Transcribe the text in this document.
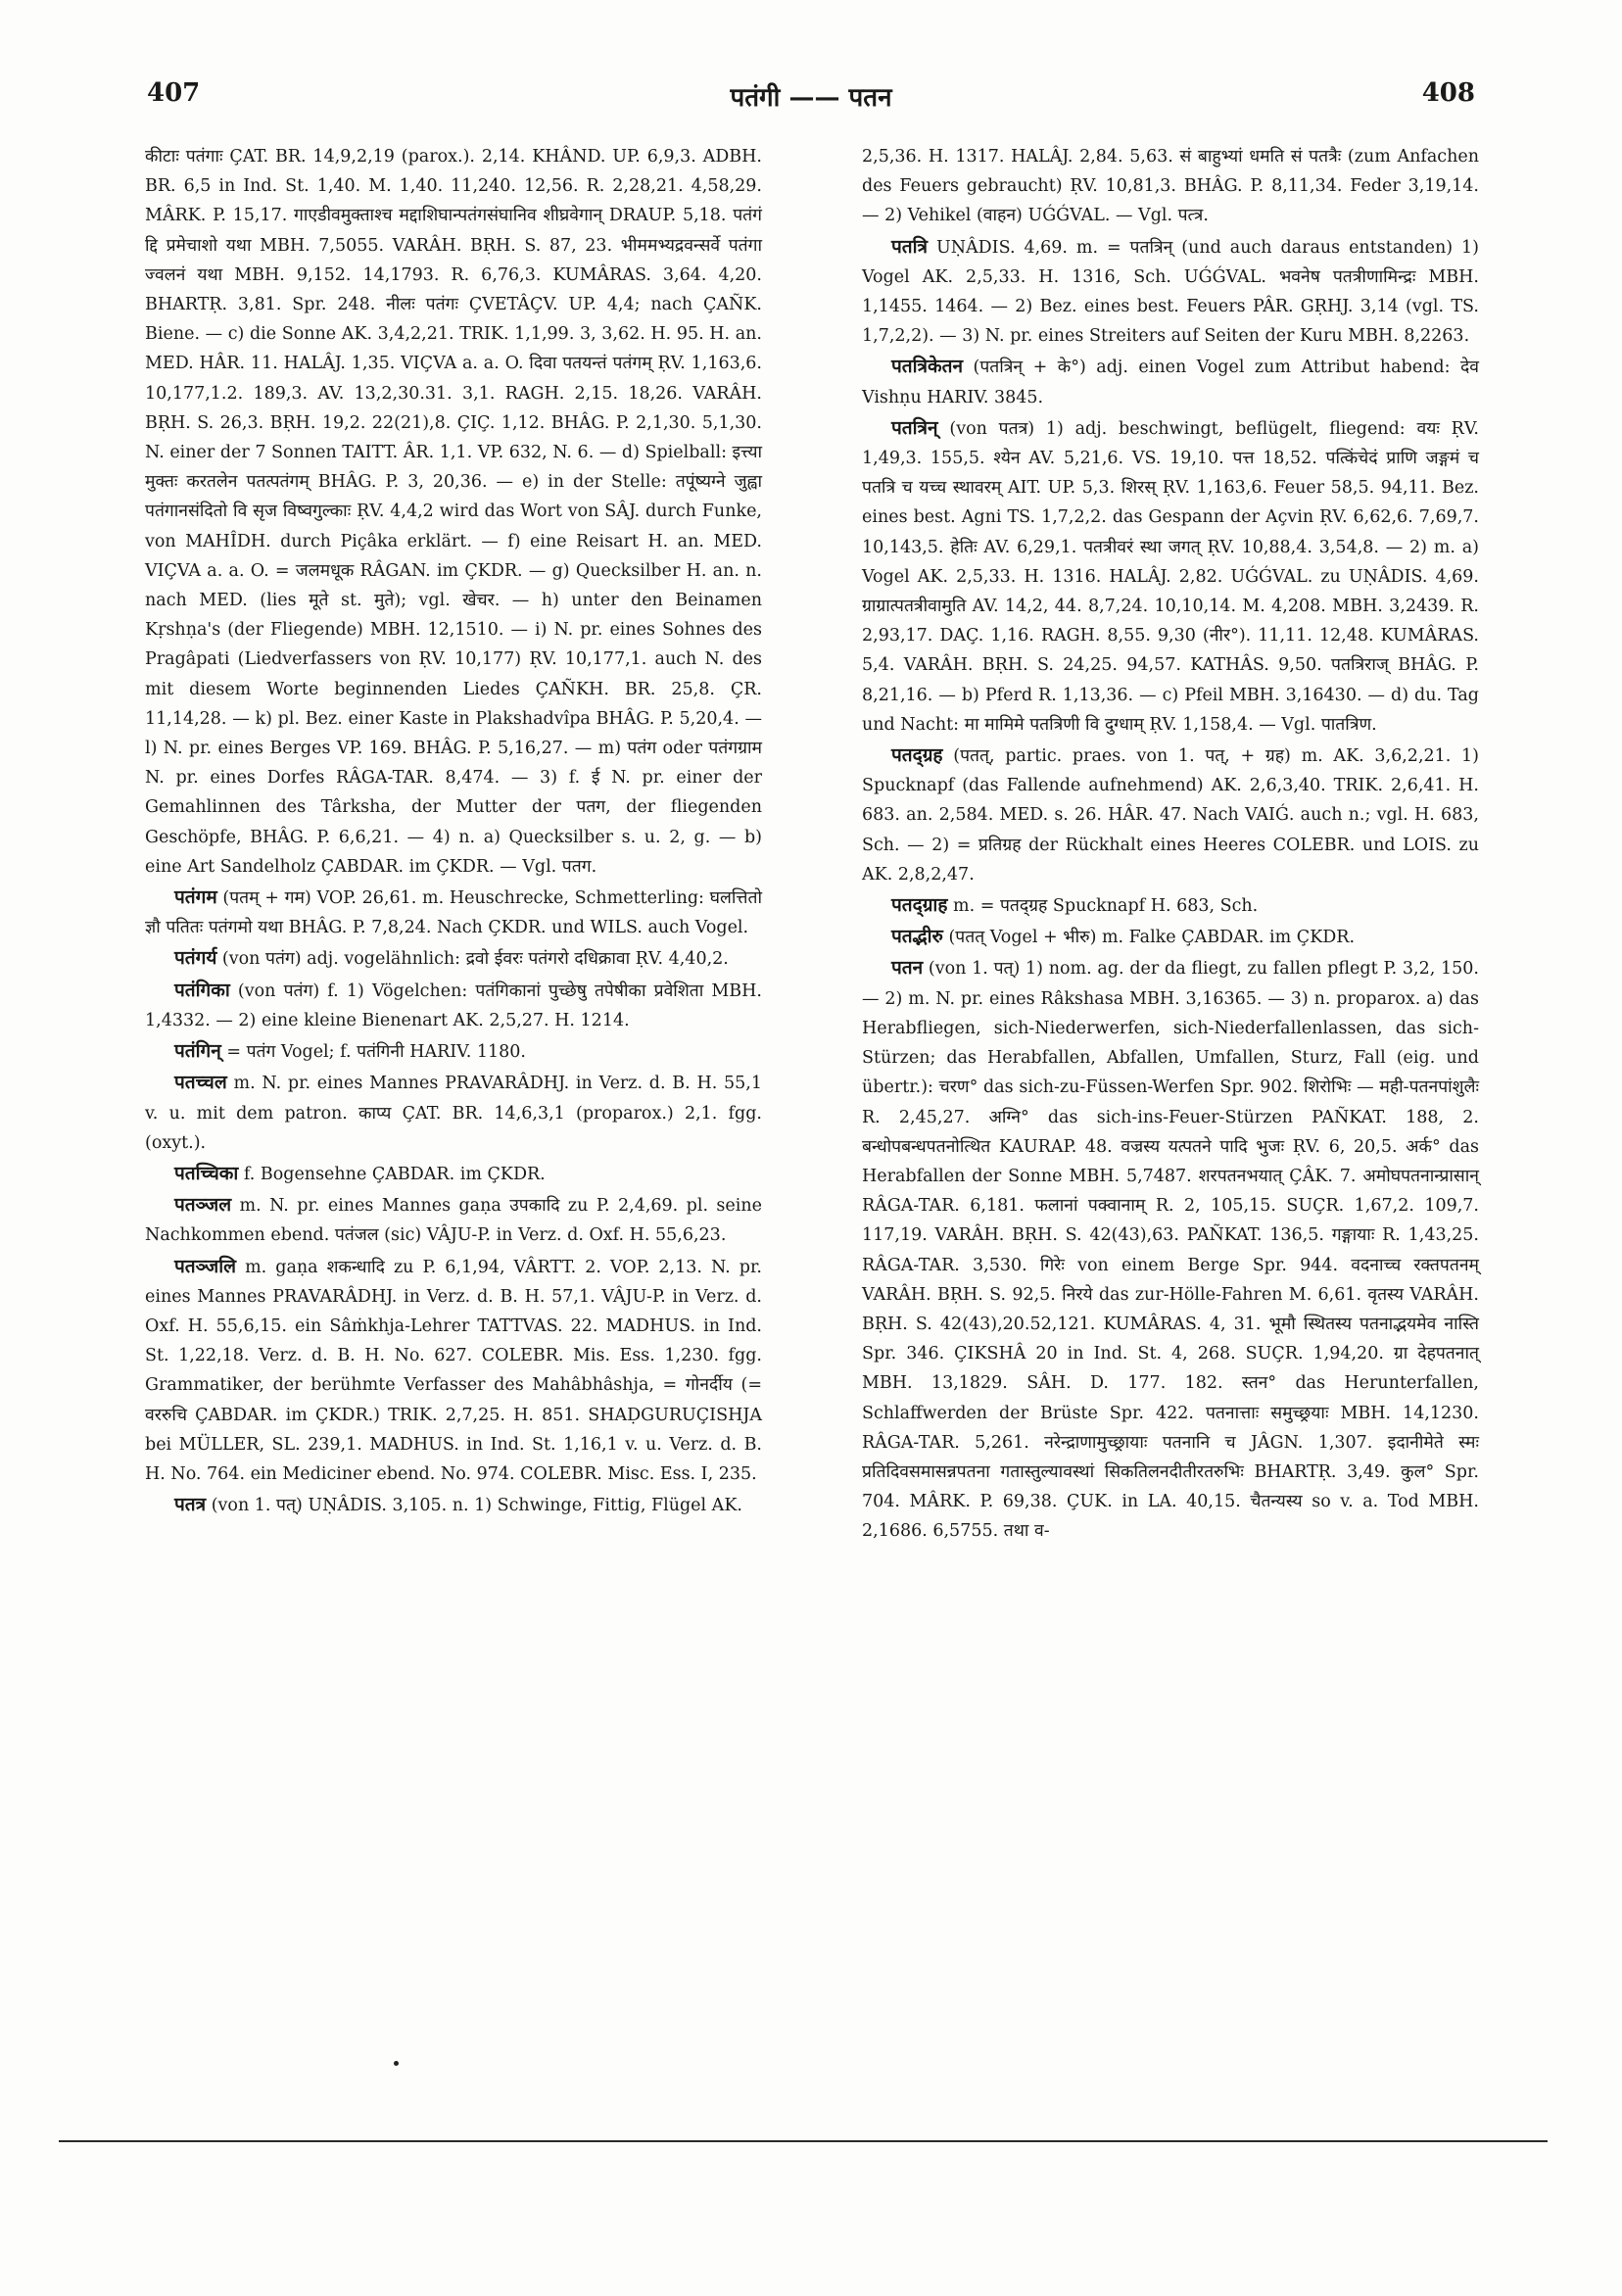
407	पतंगी —— पतन	408

कीटाः पतंगाः ÇAT. BR. 14,9,2,19 (parox.). 2,14. KHÂND. UP. 6,9,3. ADBH. BR. 6,5 in Ind. St. 1,40. M. 1,40. 11,240. 12,56. R. 2,28,21. 4,58,29. MÂRK. P. 15,17. गाएडीवमुक्ताश्च मद्दाशिघान्पतंगसंघानिव शीघ्रवेगान् DRAUP. 5,18. पतंगं द्दि प्रमेचाशो यथा MBH. 7,5055. VARÂH. BṚH. S. 87, 23. भीममभ्यद्रवन्सर्वे पतंगा ज्वलनं यथा MBH. 9,152. 14,1793. R. 6,76,3. KUMÂRAS. 3,64. 4,20. BHARTṚ. 3,81. Spr. 248. नीलः पतंगः ÇVETÂÇV. UP. 4,4; nach ÇAÑK. Biene. — c) die Sonne AK. 3,4,2,21. TRIK. 1,1,99. 3, 3,62. H. 95. H. an. MED. HÂR. 11. HALÂJ. 1,35. VIÇVA a. a. O. दिवा पतयन्तं पतंगम् ṚV. 1,163,6. 10,177,1.2. 189,3. AV. 13,2,30.31. 3,1. RAGH. 2,15. 18,26. VARÂH. BṚH. S. 26,3. BṚH. 19,2. 22(21),8. ÇIÇ. 1,12. BHÂG. P. 2,1,30. 5,1,30. N. einer der 7 Sonnen TAITT. ÂR. 1,1. VP. 632, N. 6. — d) Spielball: इत्त्या मुक्तः करतलेन पतत्पतंगम् BHÂG. P. 3, 20,36. — e) in der Stelle: तपूंष्यग्ने जुह्वा पतंगानसंदितो वि सृज विष्वगुल्काः ṚV. 4,4,2 wird das Wort von SÂJ. durch Funke, von MAHÎDH. durch Piçâka erklärt. — f) eine Reisart H. an. MED. VIÇVA a. a. O. = जलमधूक RÂGAN. im ÇKDR. — g) Quecksilber H. an. n. nach MED. (lies मूते st. मुते); vgl. खेचर. — h) unter den Beinamen Kṛshṇa's (der Fliegende) MBH. 12,1510. — i) N. pr. eines Sohnes des Pragâpati (Liedverfassers von ṚV. 10,177) ṚV. 10,177,1. auch N. des mit diesem Worte beginnenden Liedes ÇAÑKH. BR. 25,8. ÇR. 11,14,28. — k) pl. Bez. einer Kaste in Plakshadvîpa BHÂG. P. 5,20,4. — l) N. pr. eines Berges VP. 169. BHÂG. P. 5,16,27. — m) पतंग oder पतंगग्राम N. pr. eines Dorfes RÂGA-TAR. 8,474. — 3) f. ई N. pr. einer der Gemahlinnen des Târksha, der Mutter der पतग, der fliegenden Geschöpfe, BHÂG. P. 6,6,21. — 4) n. a) Quecksilber s. u. 2, g. — b) eine Art Sandelholz ÇABDAR. im ÇKDR. — Vgl. पतग.

पतंगम (पतम् + गम) VOP. 26,61. m. Heuschrecke, Schmetterling: घलत्तितो ज्ञौ पतितः पतंगमो यथा BHÂG. P. 7,8,24. Nach ÇKDR. und WILS. auch Vogel.

पतंगर्य (von पतंग) adj. vogelähnlich: द्रवो ईवरः पतंगरो दधिक्रावा ṚV. 4,40,2.

पतंगिका (von पतंग) f. 1) Vögelchen: पतंगिकानां पुच्छेषु तपेषीका प्रवेशिता MBH. 1,4332. — 2) eine kleine Bienenart AK. 2,5,27. H. 1214.

पतंगिन् = पतंग Vogel; f. पतंगिनी HARIV. 1180.

पतच्चल m. N. pr. eines Mannes PRAVARÂDHJ. in Verz. d. B. H. 55,1 v. u. mit dem patron. काप्य ÇAT. BR. 14,6,3,1 (proparox.) 2,1. fgg. (oxyt.).

पतच्चिका f. Bogensehne ÇABDAR. im ÇKDR.

पतञ्जल m. N. pr. eines Mannes gaṇa उपकादि zu P. 2,4,69. pl. seine Nachkommen ebend. पतंजल (sic) VÂJU-P. in Verz. d. Oxf. H. 55,6,23.

पतञ्जलि m. gaṇa शकन्धादि zu P. 6,1,94, VÂRTT. 2. VOP. 2,13. N. pr. eines Mannes PRAVARÂDHJ. in Verz. d. B. H. 57,1. VÂJU-P. in Verz. d. Oxf. H. 55,6,15. ein Sâṁkhja-Lehrer TATTVAS. 22. MADHUS. in Ind. St. 1,22,18. Verz. d. B. H. No. 627. COLEBR. Mis. Ess. 1,230. fgg. Grammatiker, der berühmte Verfasser des Mahâbhâshja, = गोनर्दीय (= वररुचि ÇABDAR. im ÇKDR.) TRIK. 2,7,25. H. 851. SHAḌGURUÇISHJA bei MÜLLER, SL. 239,1. MADHUS. in Ind. St. 1,16,1 v. u. Verz. d. B. H. No. 764. ein Mediciner ebend. No. 974. COLEBR. Misc. Ess. I, 235.

पतत्र (von 1. पत्) UṆÂDIS. 3,105. n. 1) Schwinge, Fittig, Flügel AK.

2,5,36. H. 1317. HALÂJ. 2,84. 5,63. सं बाहुभ्यां धमति सं पतत्रैः (zum Anfachen des Feuers gebraucht) ṚV. 10,81,3. BHÂG. P. 8,11,34. Feder 3,19,14. — 2) Vehikel (वाहन) UǴǴVAL. — Vgl. पत्त्र.

पतत्रि UṆÂDIS. 4,69. m. = पतत्रिन् (und auch daraus entstanden) 1) Vogel AK. 2,5,33. H. 1316, Sch. UǴǴVAL. भवनेष पतत्रीणामिन्द्रः MBH. 1,1455. 1464. — 2) Bez. eines best. Feuers PÂR. GṚHJ. 3,14 (vgl. TS. 1,7,2,2). — 3) N. pr. eines Streiters auf Seiten der Kuru MBH. 8,2263.

पतत्रिकेतन (पतत्रिन् + के°) adj. einen Vogel zum Attribut habend: देव Vishṇu HARIV. 3845.

पतत्रिन् (von पतत्र) 1) adj. beschwingt, beflügelt, fliegend: वयः ṚV. 1,49,3. 155,5. श्येन AV. 5,21,6. VS. 19,10. पत्त 18,52. पत्किंचेदं प्राणि जङ्गमं च पतत्रि च यच्च स्थावरम् AIT. UP. 5,3. शिरस् ṚV. 1,163,6. Feuer 58,5. 94,11. Bez. eines best. Agni TS. 1,7,2,2. das Gespann der Açvin ṚV. 6,62,6. 7,69,7. 10,143,5. हेतिः AV. 6,29,1. पतत्रीवरं स्था जगत् ṚV. 10,88,4. 3,54,8. — 2) m. a) Vogel AK. 2,5,33. H. 1316. HALÂJ. 2,82. UǴǴVAL. zu UṆÂDIS. 4,69. ग्राग्रात्पतत्रीवामुति AV. 14,2, 44. 8,7,24. 10,10,14. M. 4,208. MBH. 3,2439. R. 2,93,17. DAÇ. 1,16. RAGH. 8,55. 9,30 (नीर°). 11,11. 12,48. KUMÂRAS. 5,4. VARÂH. BṚH. S. 24,25. 94,57. KATHÂS. 9,50. पतत्रिराज् BHÂG. P. 8,21,16. — b) Pferd R. 1,13,36. — c) Pfeil MBH. 3,16430. — d) du. Tag und Nacht: मा मामिमे पतत्रिणी वि दुग्धाम् ṚV. 1,158,4. — Vgl. पातत्रिण.

पतद्ग्रह (पतत्, partic. praes. von 1. पत्, + ग्रह) m. AK. 3,6,2,21. 1) Spucknapf (das Fallende aufnehmend) AK. 2,6,3,40. TRIK. 2,6,41. H. 683. an. 2,584. MED. s. 26. HÂR. 47. Nach VAIǴ. auch n.; vgl. H. 683, Sch. — 2) = प्रतिग्रह der Rückhalt eines Heeres COLEBR. und LOIS. zu AK. 2,8,2,47.

पतद्ग्राह m. = पतद्ग्रह Spucknapf H. 683, Sch.

पतद्भीरु (पतत् Vogel + भीरु) m. Falke ÇABDAR. im ÇKDR.

पतन (von 1. पत्) 1) nom. ag. der da fliegt, zu fallen pflegt P. 3,2, 150. — 2) m. N. pr. eines Râkshasa MBH. 3,16365. — 3) n. proparox. a) das Herabfliegen, sich-Niederwerfen, sich-Niederfallenlassen, das sich-Stürzen; das Herabfallen, Abfallen, Umfallen, Sturz, Fall (eig. und übertr.): चरण° das sich-zu-Füssen-Werfen Spr. 902. शिरोभिः — मही-पतनपांशुलैः R. 2,45,27. अग्नि° das sich-ins-Feuer-Stürzen PAÑKAT. 188, 2. बन्धोपबन्धपतनोत्थित KAURAP. 48. वज्रस्य यत्पतने पादि भुजः ṚV. 6, 20,5. अर्क° das Herabfallen der Sonne MBH. 5,7487. शरपतनभयात् ÇÂK. 7. अमोघपतनान्प्रासान् RÂGA-TAR. 6,181. फलानां पक्वानाम् R. 2, 105,15. SUÇR. 1,67,2. 109,7. 117,19. VARÂH. BṚH. S. 42(43),63. PAÑKAT. 136,5. गङ्गायाः R. 1,43,25. RÂGA-TAR. 3,530. गिरेः von einem Berge Spr. 944. वदनाच्च रक्तपतनम् VARÂH. BṚH. S. 92,5. निरये das zur-Hölle-Fahren M. 6,61. वृतस्य VARÂH. BṚH. S. 42(43),20.52,121. KUMÂRAS. 4, 31. भूमौ स्थितस्य पतनाद्भयमेव नास्ति Spr. 346. ÇIKSHÂ 20 in Ind. St. 4, 268. SUÇR. 1,94,20. ग्रा देहपतनात् MBH. 13,1829. SÂH. D. 177. 182. स्तन° das Herunterfallen, Schlaffwerden der Brüste Spr. 422. पतनात्ताः समुच्छ्रयाः MBH. 14,1230. RÂGA-TAR. 5,261. नरेन्द्राणामुच्छ्रायाः पतनानि च JÂGN. 1,307. इदानीमेते स्मः प्रतिदिवसमासन्नपतना गतास्तुल्यावस्थां सिकतिलनदीतीरतरुभिः BHARTṚ. 3,49. कुल° Spr. 704. MÂRK. P. 69,38. ÇUK. in LA. 40,15. चैतन्यस्य so v. a. Tod MBH. 2,1686. 6,5755. तथा व-
